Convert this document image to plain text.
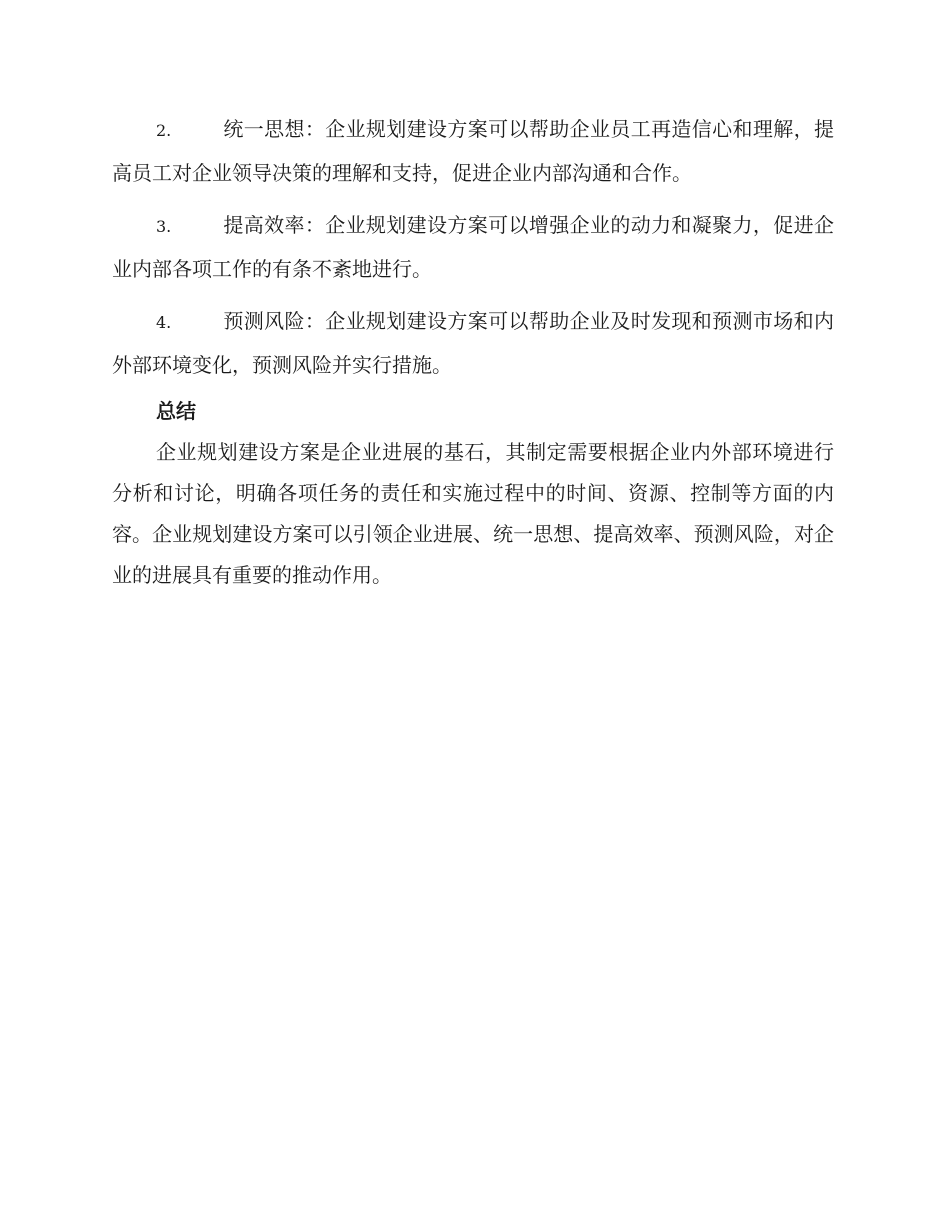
2.	统一思想：企业规划建设方案可以帮助企业员工再造信心和理解，提高员工对企业领导决策的理解和支持，促进企业内部沟通和合作。
3.	提高效率：企业规划建设方案可以增强企业的动力和凝聚力，促进企业内部各项工作的有条不紊地进行。
4.	预测风险：企业规划建设方案可以帮助企业及时发现和预测市场和内外部环境变化，预测风险并实行措施。
总结

企业规划建设方案是企业进展的基石，其制定需要根据企业内外部环境进行分析和讨论，明确各项任务的责任和实施过程中的时间、资源、控制等方面的内容。企业规划建设方案可以引领企业进展、统一思想、提高效率、预测风险，对企业的进展具有重要的推动作用。
